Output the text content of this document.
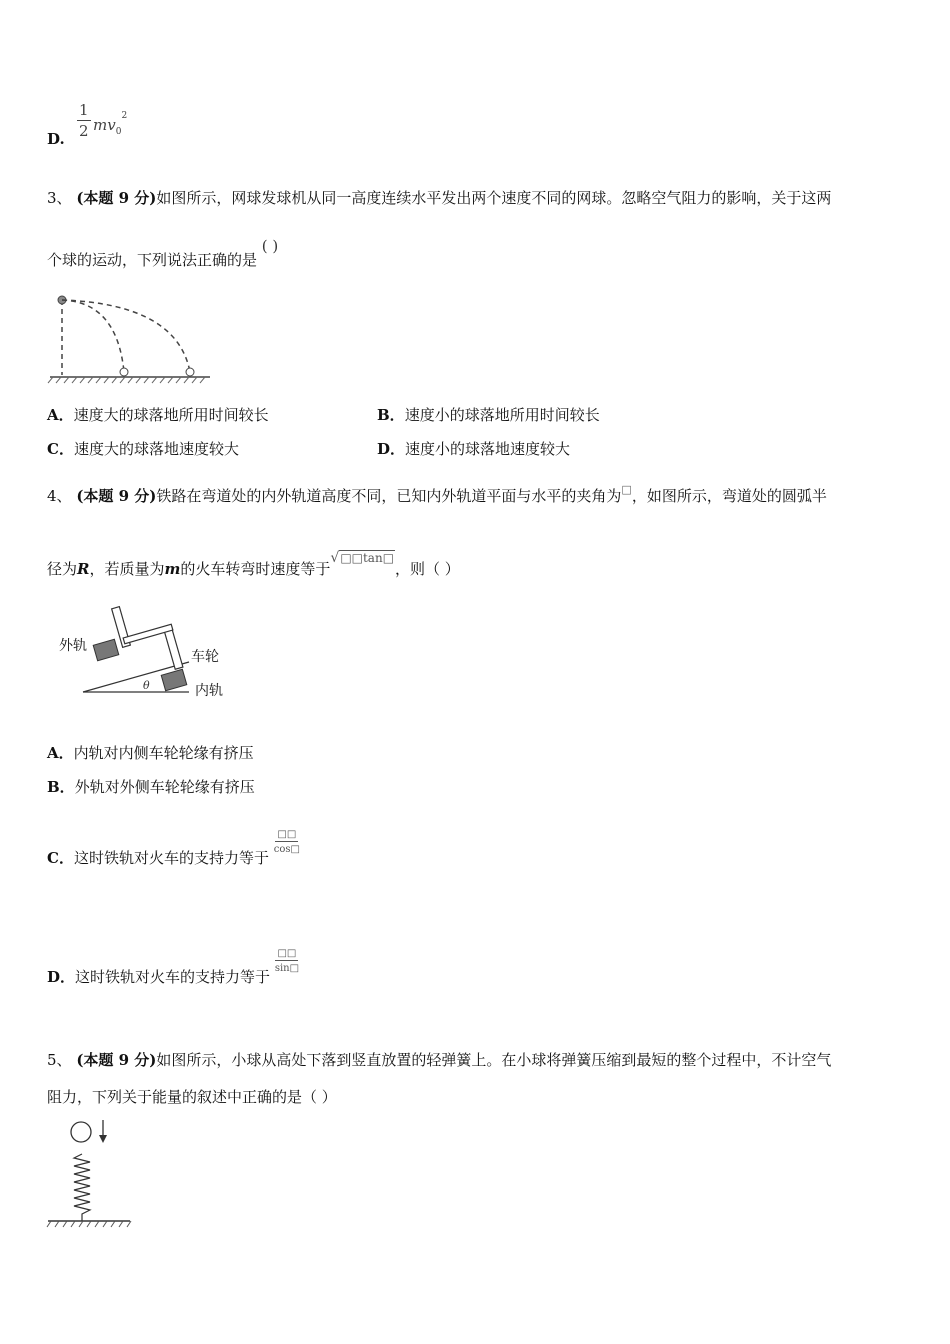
D. $\frac{1}{2} mv_0^2$
3、 (本题 9 分)如图所示，网球发球机从同一高度连续水平发出两个速度不同的网球。忽略空气阻力的影响，关于这两
个球的运动，下列说法正确的是 ( )
A．速度大的球落地所用时间较长	B．速度小的球落地所用时间较长
C．速度大的球落地速度较大	D．速度小的球落地速度较大
4、 (本题 9 分)铁路在弯道处的内外轨道高度不同，已知内外轨道平面与水平的夹角为□，如图所示，弯道处的圆弧半
径为R，若质量为m的火车转弯时速度等于$^{√□□tan□}$，则（ ）
θ
外轨
车轮
内轨
A．内轨对内侧车轮轮缘有挤压
B．外轨对外侧车轮轮缘有挤压
C．这时铁轨对火车的支持力等于
$\frac{□□}{\cos□}$
D．这时铁轨对火车的支持力等于
$\frac{□□}{\sin□}$
5、 (本题 9 分)如图所示，小球从高处下落到竖直放置的轻弹簧上。在小球将弹簧压缩到最短的整个过程中，不计空气
阻力，下列关于能量的叙述中正确的是（ ）
